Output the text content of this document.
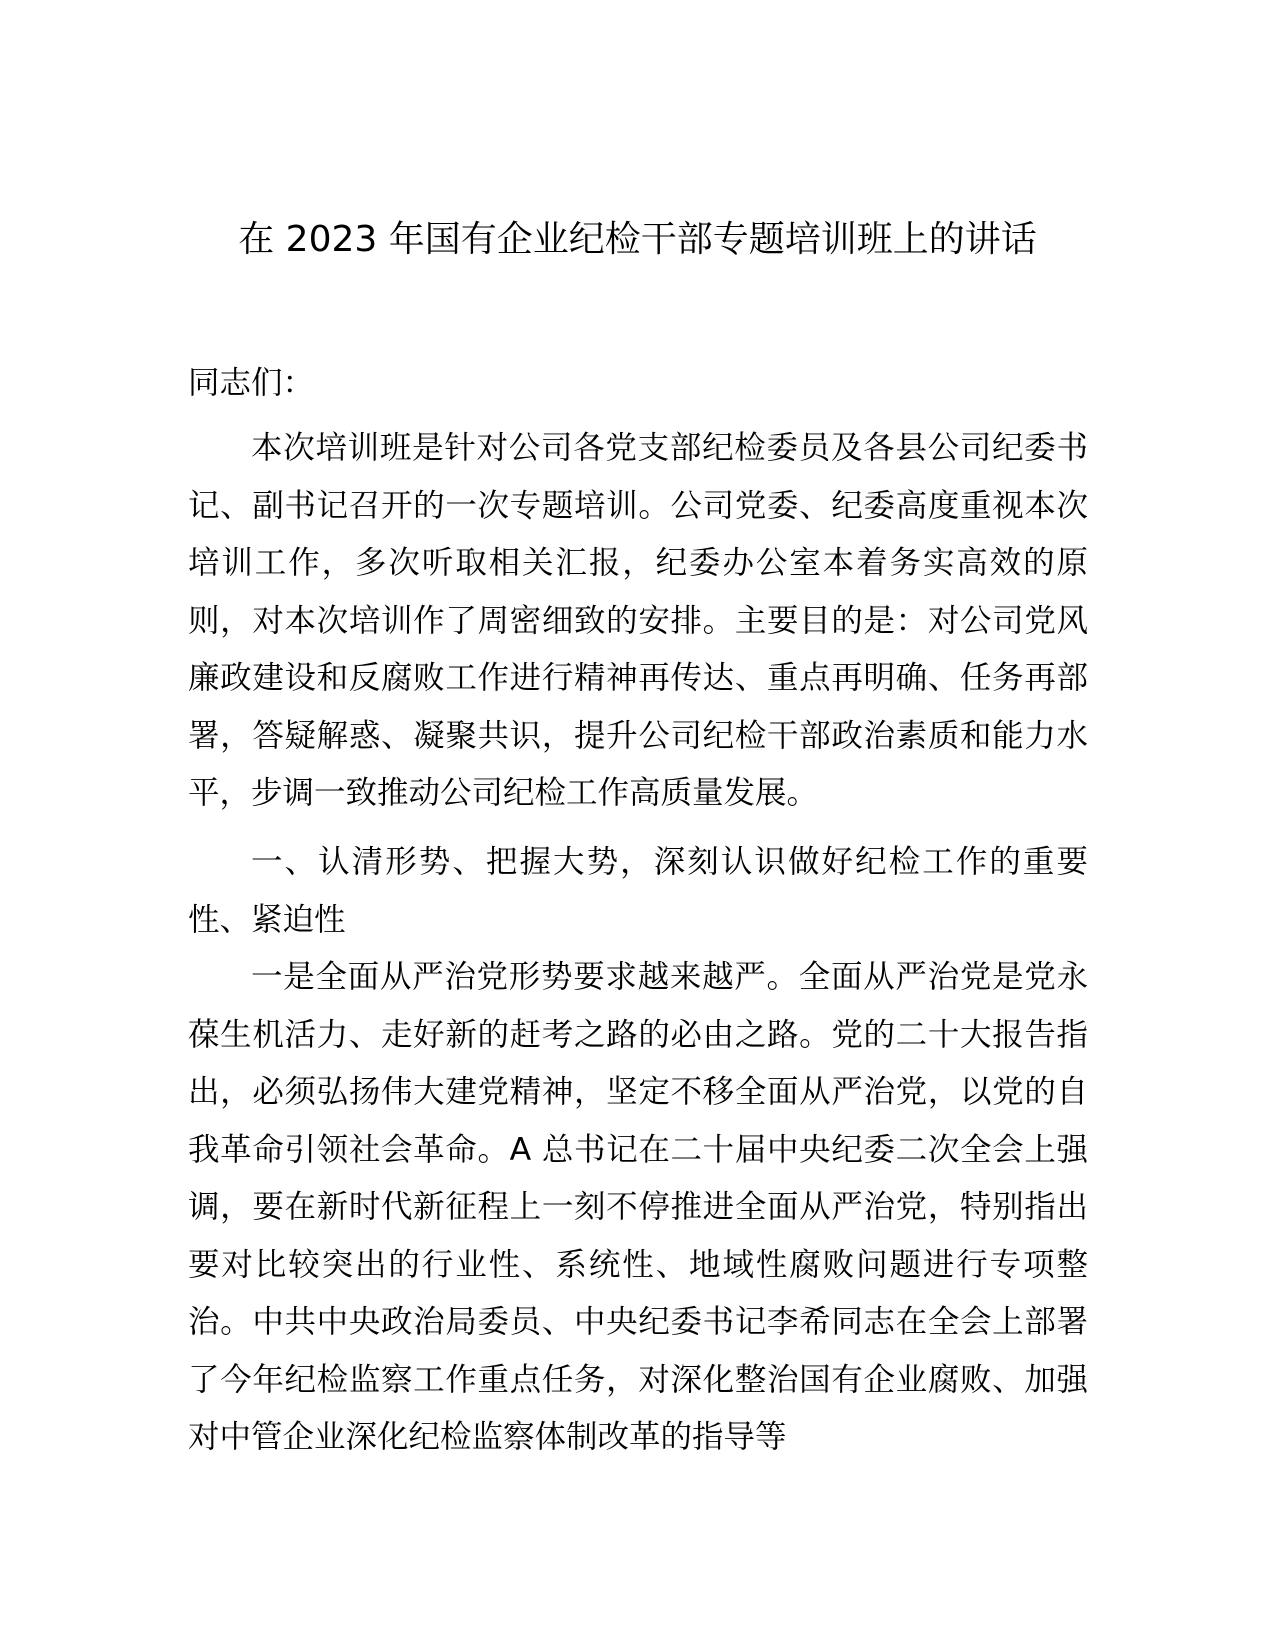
在 2023 年国有企业纪检干部专题培训班上的讲话

同志们：

本次培训班是针对公司各党支部纪检委员及各县公司纪委书记、副书记召开的一次专题培训。公司党委、纪委高度重视本次培训工作，多次听取相关汇报，纪委办公室本着务实高效的原则，对本次培训作了周密细致的安排。主要目的是：对公司党风廉政建设和反腐败工作进行精神再传达、重点再明确、任务再部署，答疑解惑、凝聚共识，提升公司纪检干部政治素质和能力水平，步调一致推动公司纪检工作高质量发展。

一、认清形势、把握大势，深刻认识做好纪检工作的重要性、紧迫性

一是全面从严治党形势要求越来越严。全面从严治党是党永葆生机活力、走好新的赶考之路的必由之路。党的二十大报告指出，必须弘扬伟大建党精神，坚定不移全面从严治党，以党的自我革命引领社会革命。A 总书记在二十届中央纪委二次全会上强调，要在新时代新征程上一刻不停推进全面从严治党，特别指出要对比较突出的行业性、系统性、地域性腐败问题进行专项整治。中共中央政治局委员、中央纪委书记李希同志在全会上部署了今年纪检监察工作重点任务，对深化整治国有企业腐败、加强对中管企业深化纪检监察体制改革的指导等
